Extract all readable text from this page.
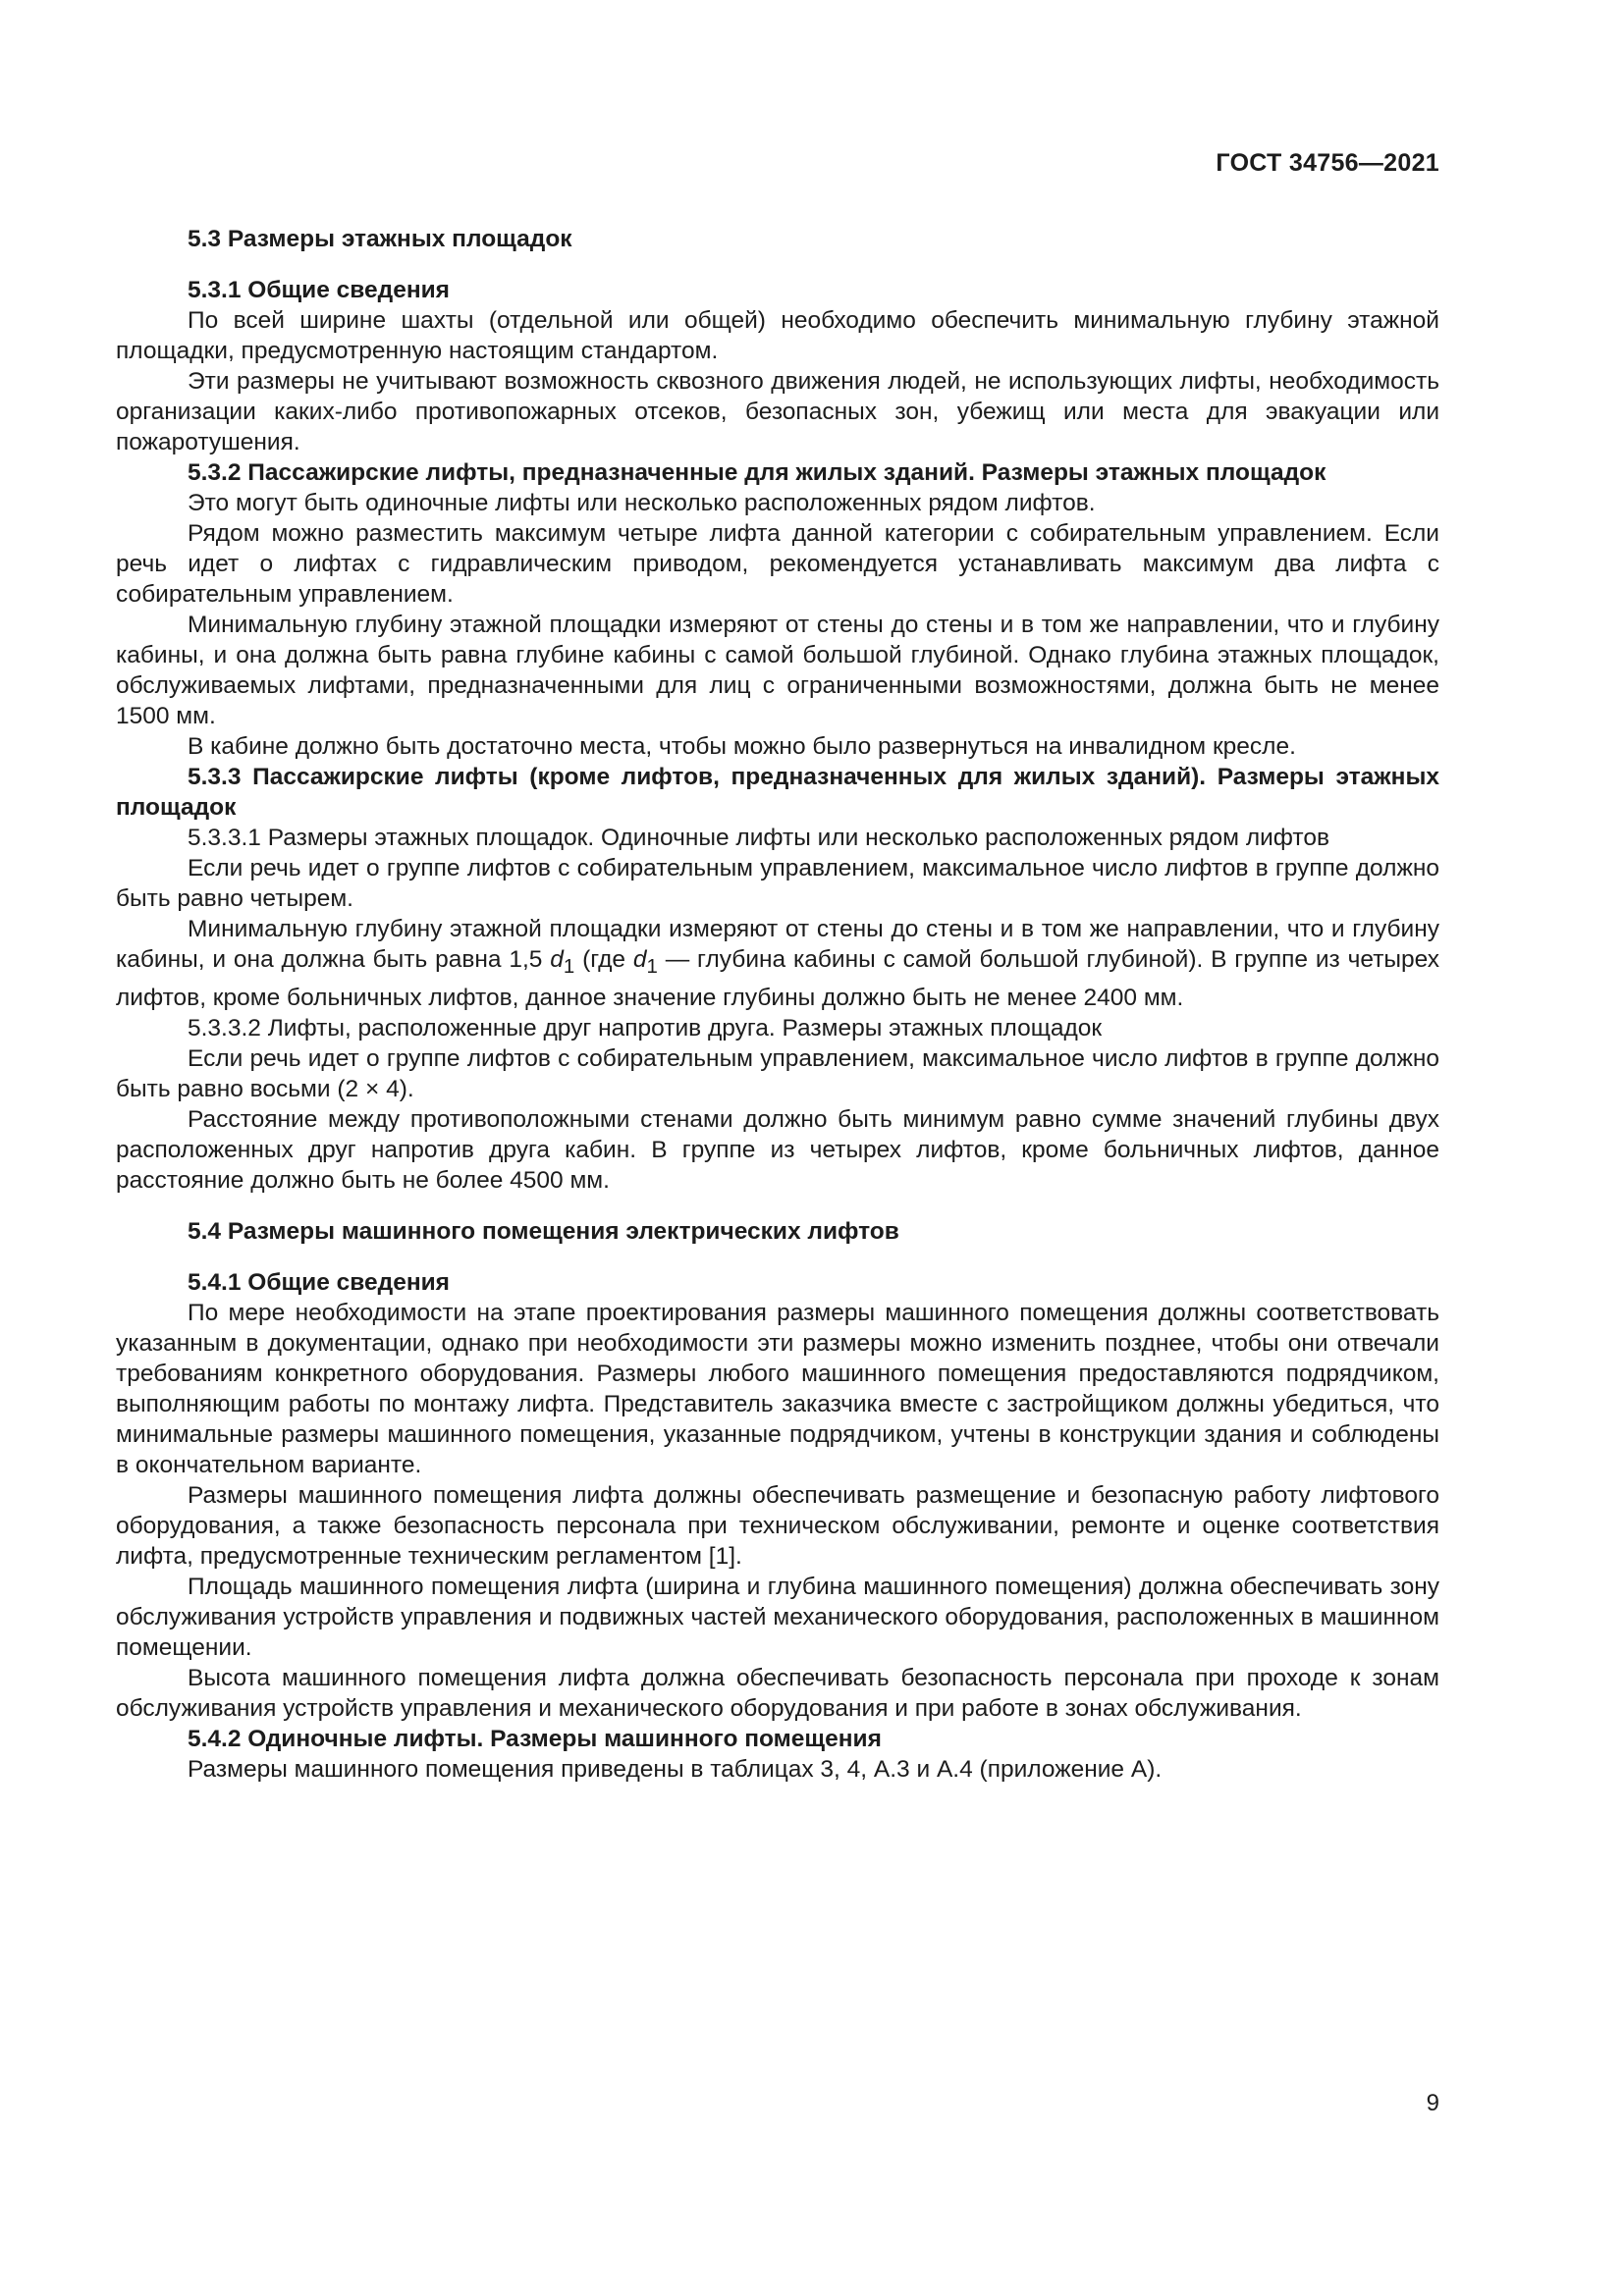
ГОСТ 34756—2021
5.3 Размеры этажных площадок
5.3.1 Общие сведения

По всей ширине шахты (отдельной или общей) необходимо обеспечить минимальную глубину этажной площадки, предусмотренную настоящим стандартом.

Эти размеры не учитывают возможность сквозного движения людей, не использующих лифты, необходимость организации каких-либо противопожарных отсеков, безопасных зон, убежищ или места для эвакуации или пожаротушения.

5.3.2 Пассажирские лифты, предназначенные для жилых зданий. Размеры этажных площадок

Это могут быть одиночные лифты или несколько расположенных рядом лифтов.

Рядом можно разместить максимум четыре лифта данной категории с собирательным управлением. Если речь идет о лифтах с гидравлическим приводом, рекомендуется устанавливать максимум два лифта с собирательным управлением.

Минимальную глубину этажной площадки измеряют от стены до стены и в том же направлении, что и глубину кабины, и она должна быть равна глубине кабины с самой большой глубиной. Однако глубина этажных площадок, обслуживаемых лифтами, предназначенными для лиц с ограниченными возможностями, должна быть не менее 1500 мм.

В кабине должно быть достаточно места, чтобы можно было развернуться на инвалидном кресле.

5.3.3 Пассажирские лифты (кроме лифтов, предназначенных для жилых зданий). Размеры этажных площадок

5.3.3.1 Размеры этажных площадок. Одиночные лифты или несколько расположенных рядом лифтов

Если речь идет о группе лифтов с собирательным управлением, максимальное число лифтов в группе должно быть равно четырем.

Минимальную глубину этажной площадки измеряют от стены до стены и в том же направлении, что и глубину кабины, и она должна быть равна 1,5 $d_1$ (где $d_1$ — глубина кабины с самой большой глубиной). В группе из четырех лифтов, кроме больничных лифтов, данное значение глубины должно быть не менее 2400 мм.

5.3.3.2 Лифты, расположенные друг напротив друга. Размеры этажных площадок

Если речь идет о группе лифтов с собирательным управлением, максимальное число лифтов в группе должно быть равно восьми (2 × 4).

Расстояние между противоположными стенами должно быть минимум равно сумме значений глубины двух расположенных друг напротив друга кабин. В группе из четырех лифтов, кроме больничных лифтов, данное расстояние должно быть не более 4500 мм.

5.4 Размеры машинного помещения электрических лифтов
5.4.1 Общие сведения

По мере необходимости на этапе проектирования размеры машинного помещения должны соответствовать указанным в документации, однако при необходимости эти размеры можно изменить позднее, чтобы они отвечали требованиям конкретного оборудования. Размеры любого машинного помещения предоставляются подрядчиком, выполняющим работы по монтажу лифта. Представитель заказчика вместе с застройщиком должны убедиться, что минимальные размеры машинного помещения, указанные подрядчиком, учтены в конструкции здания и соблюдены в окончательном варианте.

Размеры машинного помещения лифта должны обеспечивать размещение и безопасную работу лифтового оборудования, а также безопасность персонала при техническом обслуживании, ремонте и оценке соответствия лифта, предусмотренные техническим регламентом [1].

Площадь машинного помещения лифта (ширина и глубина машинного помещения) должна обеспечивать зону обслуживания устройств управления и подвижных частей механического оборудования, расположенных в машинном помещении.

Высота машинного помещения лифта должна обеспечивать безопасность персонала при проходе к зонам обслуживания устройств управления и механического оборудования и при работе в зонах обслуживания.

5.4.2 Одиночные лифты. Размеры машинного помещения

Размеры машинного помещения приведены в таблицах 3, 4, А.3 и А.4 (приложение А).

9
